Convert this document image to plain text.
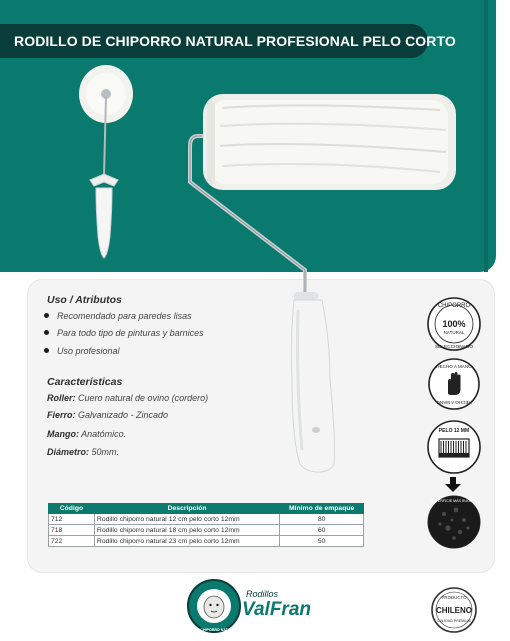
RODILLO DE CHIPORRO NATURAL PROFESIONAL PELO CORTO
Uso / Atributos
Recomendado para paredes lisas
Para todo tipo de pinturas y barnices
Uso profesional
Características
Roller: Cuero natural de ovino (cordero)
Fierro: Galvanizado - Zincado
Mango: Anatómico.
Diámetro: 50mm.
CHIPORRO
100%
NATURAL
SELECCIONADO
HECHO A MANO
HECHO A MANO
PELO 12 MM
SUPERFICIE MÁS RUGOSA
Código	Descripción	Mínimo de empaque
712	Rodillo chiporro natural 12 cm pelo corto 12mm	80
718	Rodillo chiporro natural 18 cm pelo corto 12mm	60
722	Rodillo chiporro natural 23 cm pelo corto 12mm	50
100% CHIPORRO NATURAL
Rodillos
ValFran
PRODUCTO
CHILENO
CALIDAD PREMIUM
